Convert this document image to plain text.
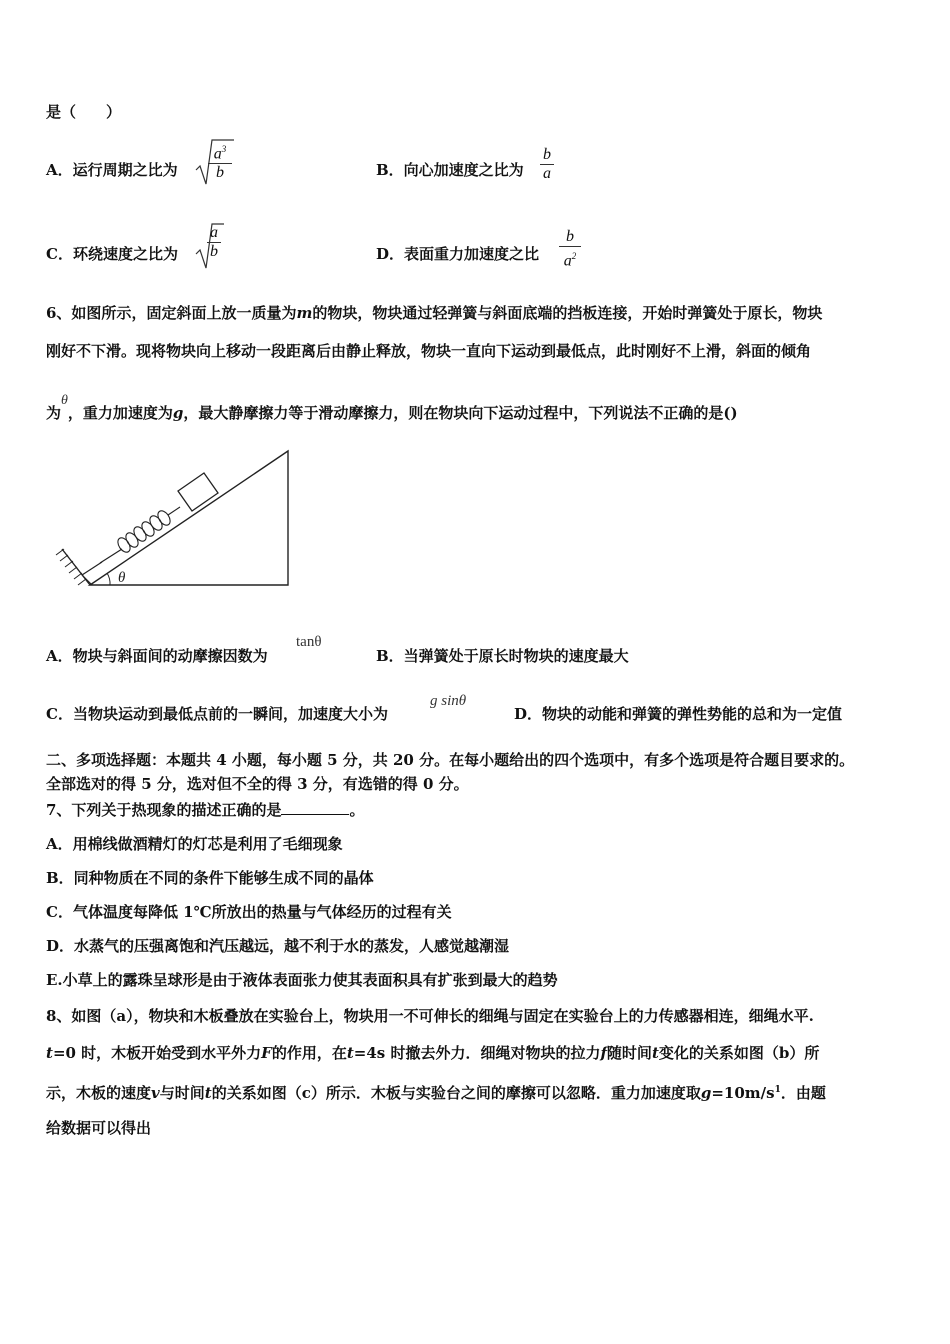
是（　　）
A．运行周期之比为
$a^3$
b	B．向心加速度之比为
b
a
C．环绕速度之比为
a
b	D．表面重力加速度之比
b
$a^2$
6、如图所示，固定斜面上放一质量为m的物块，物块通过轻弹簧与斜面底端的挡板连接，开始时弹簧处于原长，物块
刚好不下滑。现将物块向上移动一段距离后由静止释放，物块一直向下运动到最低点，此时刚好不上滑，斜面的倾角
为θ，重力加速度为g，最大静摩擦力等于滑动摩擦力，则在物块向下运动过程中，下列说法不正确的是()
θ
A．物块与斜面间的动摩擦因数为
tanθ
B．当弹簧处于原长时物块的速度最大
C．当物块运动到最低点前的一瞬间，加速度大小为
g sinθ
D．物块的动能和弹簧的弹性势能的总和为一定值
二、多项选择题：本题共 4 小题，每小题 5 分，共 20 分。在每小题给出的四个选项中，有多个选项是符合题目要求的。
全部选对的得 5 分，选对但不全的得 3 分，有选错的得 0 分。
7、下列关于热现象的描述正确的是	。
A．用棉线做酒精灯的灯芯是利用了毛细现象
B．同种物质在不同的条件下能够生成不同的晶体
C．气体温度每降低 1℃所放出的热量与气体经历的过程有关
D．水蒸气的压强离饱和汽压越远，越不利于水的蒸发，人感觉越潮湿
E.小草上的露珠呈球形是由于液体表面张力使其表面积具有扩张到最大的趋势
8、如图（a），物块和木板叠放在实验台上，物块用一不可伸长的细绳与固定在实验台上的力传感器相连，细绳水平.
t=0 时，木板开始受到水平外力F的作用，在t=4s 时撤去外力．细绳对物块的拉力f随时间t变化的关系如图（b）所
示，木板的速度v与时间t的关系如图（c）所示．木板与实验台之间的摩擦可以忽略．重力加速度取$g=10m/s^1$．由题
给数据可以得出
